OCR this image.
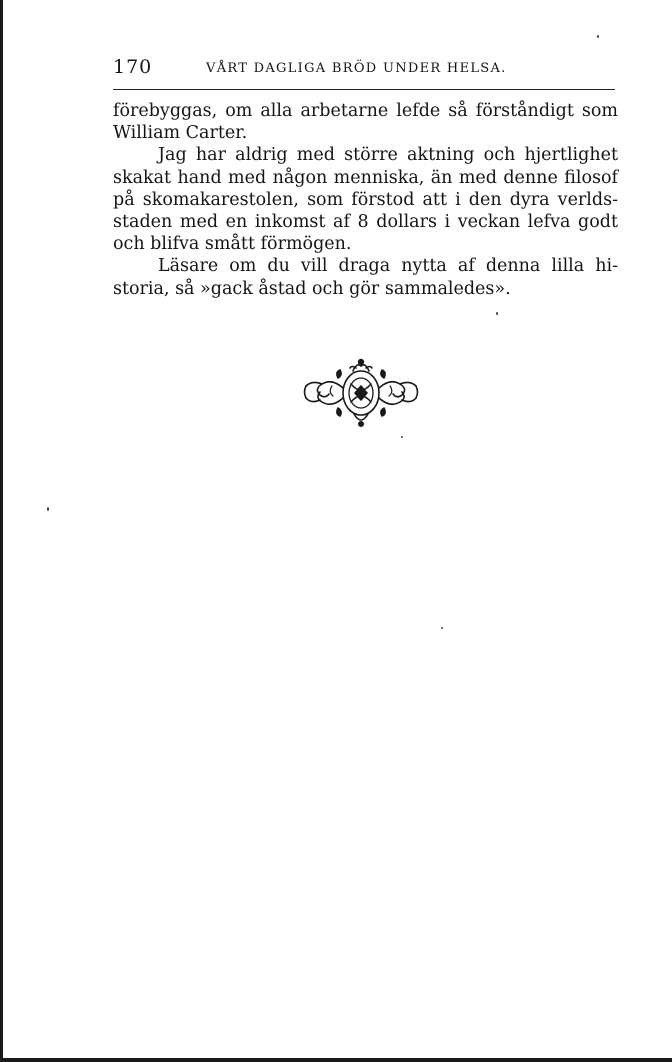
170	VÅRT DAGLIGA BRÖD UNDER HELSA.

förebyggas, om alla arbetarne lefde så förståndigt som
William Carter.

Jag har aldrig med större aktning och hjertlighet
skakat hand med någon menniska, än med denne filosof
på skomakarestolen, som förstod att i den dyra verlds-
staden med en inkomst af 8 dollars i veckan lefva godt
och blifva smått förmögen.

Läsare om du vill draga nytta af denna lilla hi-
storia, så »gack åstad och gör sammaledes».
